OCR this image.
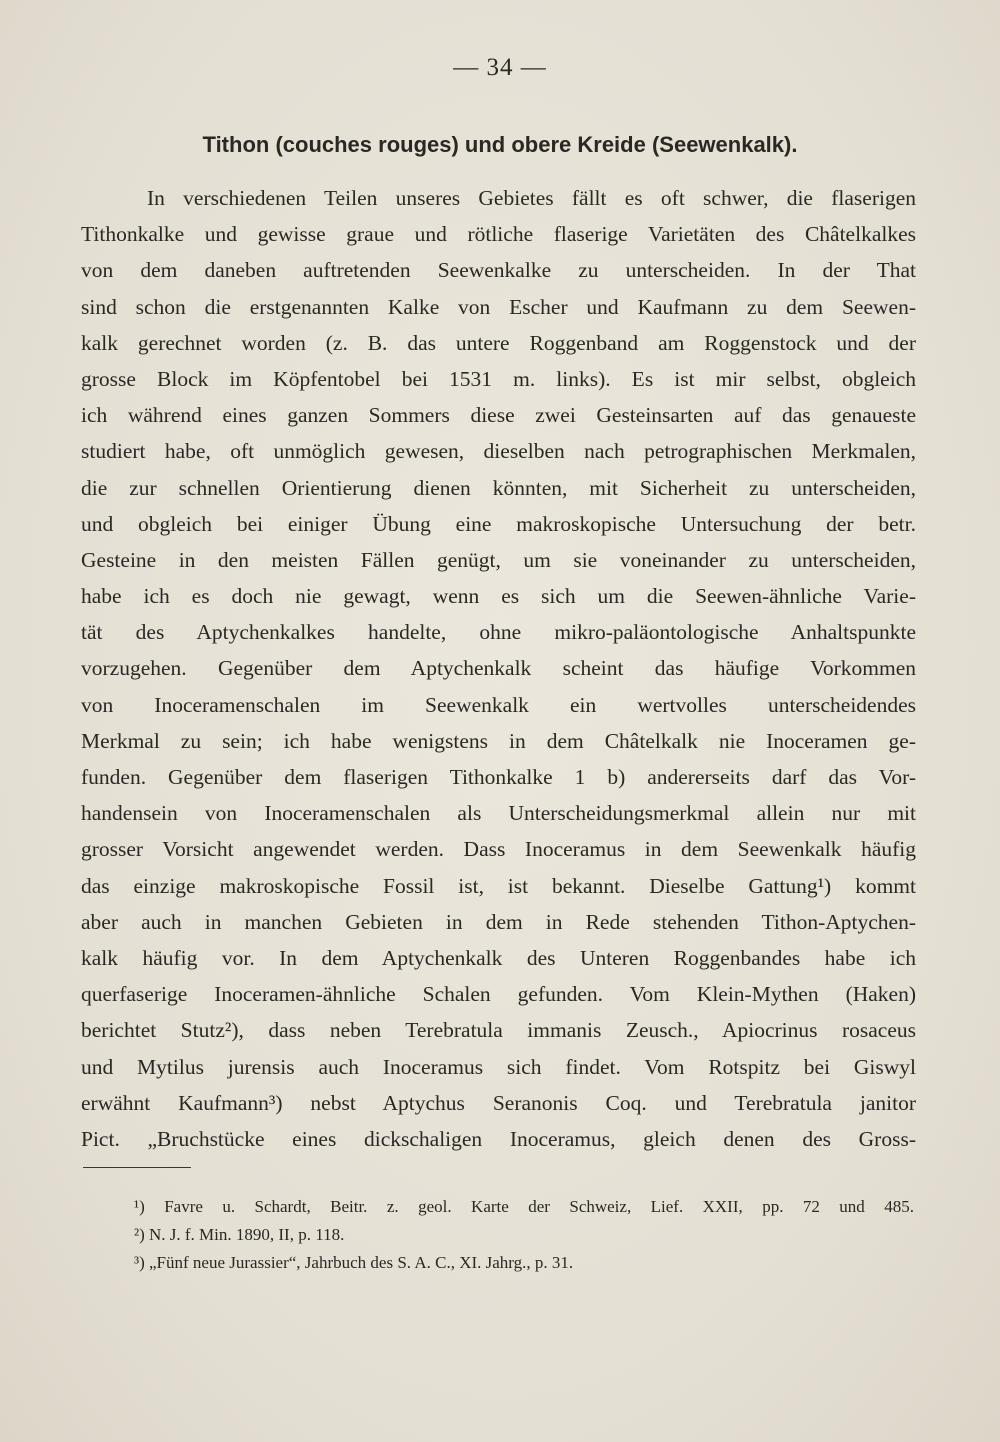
— 34 —
Tithon (couches rouges) und obere Kreide (Seewenkalk).
In verschiedenen Teilen unseres Gebietes fällt es oft schwer, die flaserigen
Tithonkalke und gewisse graue und rötliche flaserige Varietäten des Châtelkalkes
von dem daneben auftretenden Seewenkalke zu unterscheiden. In der That
sind schon die erstgenannten Kalke von Escher und Kaufmann zu dem Seewen-
kalk gerechnet worden (z. B. das untere Roggenband am Roggenstock und der
grosse Block im Köpfentobel bei 1531 m. links). Es ist mir selbst, obgleich
ich während eines ganzen Sommers diese zwei Gesteinsarten auf das genaueste
studiert habe, oft unmöglich gewesen, dieselben nach petrographischen Merkmalen,
die zur schnellen Orientierung dienen könnten, mit Sicherheit zu unterscheiden,
und obgleich bei einiger Übung eine makroskopische Untersuchung der betr.
Gesteine in den meisten Fällen genügt, um sie voneinander zu unterscheiden,
habe ich es doch nie gewagt, wenn es sich um die Seewen-ähnliche Varie-
tät des Aptychenkalkes handelte, ohne mikro-paläontologische Anhaltspunkte
vorzugehen. Gegenüber dem Aptychenkalk scheint das häufige Vorkommen
von Inoceramenschalen im Seewenkalk ein wertvolles unterscheidendes
Merkmal zu sein; ich habe wenigstens in dem Châtelkalk nie Inoceramen ge-
funden. Gegenüber dem flaserigen Tithonkalke 1 b) andererseits darf das Vor-
handensein von Inoceramenschalen als Unterscheidungsmerkmal allein nur mit
grosser Vorsicht angewendet werden. Dass Inoceramus in dem Seewenkalk häufig
das einzige makroskopische Fossil ist, ist bekannt. Dieselbe Gattung¹) kommt
aber auch in manchen Gebieten in dem in Rede stehenden Tithon-Aptychen-
kalk häufig vor. In dem Aptychenkalk des Unteren Roggenbandes habe ich
querfaserige Inoceramen-ähnliche Schalen gefunden. Vom Klein-Mythen (Haken)
berichtet Stutz²), dass neben Terebratula immanis Zeusch., Apiocrinus rosaceus
und Mytilus jurensis auch Inoceramus sich findet. Vom Rotspitz bei Giswyl
erwähnt Kaufmann³) nebst Aptychus Seranonis Coq. und Terebratula janitor
Pict. „Bruchstücke eines dickschaligen Inoceramus, gleich denen des Gross-
¹) Favre u. Schardt, Beitr. z. geol. Karte der Schweiz, Lief. XXII, pp. 72 und 485.
²) N. J. f. Min. 1890, II, p. 118.
³) „Fünf neue Jurassier“, Jahrbuch des S. A. C., XI. Jahrg., p. 31.
